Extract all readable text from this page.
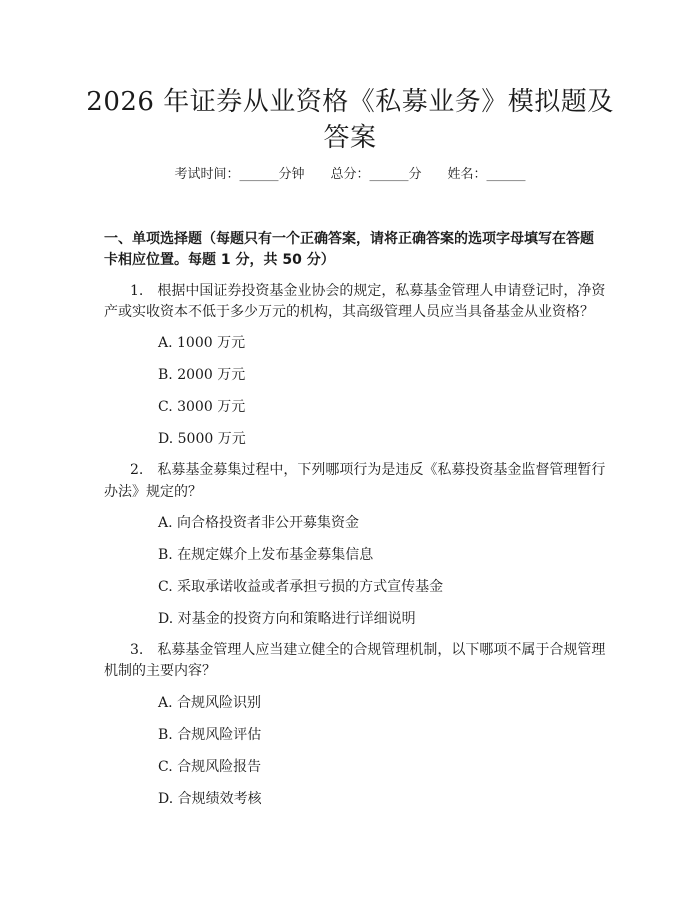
2026 年证券从业资格《私募业务》模拟题及
答案
考试时间：______分钟　　总分：______分　　姓名：______
一、单项选择题（每题只有一个正确答案，请将正确答案的选项字母填写在答题
卡相应位置。每题 1 分，共 50 分）
1.　根据中国证券投资基金业协会的规定，私募基金管理人申请登记时，净资
产或实收资本不低于多少万元的机构，其高级管理人员应当具备基金从业资格？
A. 1000 万元
B. 2000 万元
C. 3000 万元
D. 5000 万元
2.　私募基金募集过程中，下列哪项行为是违反《私募投资基金监督管理暂行
办法》规定的？
A. 向合格投资者非公开募集资金
B. 在规定媒介上发布基金募集信息
C. 采取承诺收益或者承担亏损的方式宣传基金
D. 对基金的投资方向和策略进行详细说明
3.　私募基金管理人应当建立健全的合规管理机制，以下哪项不属于合规管理
机制的主要内容？
A. 合规风险识别
B. 合规风险评估
C. 合规风险报告
D. 合规绩效考核
